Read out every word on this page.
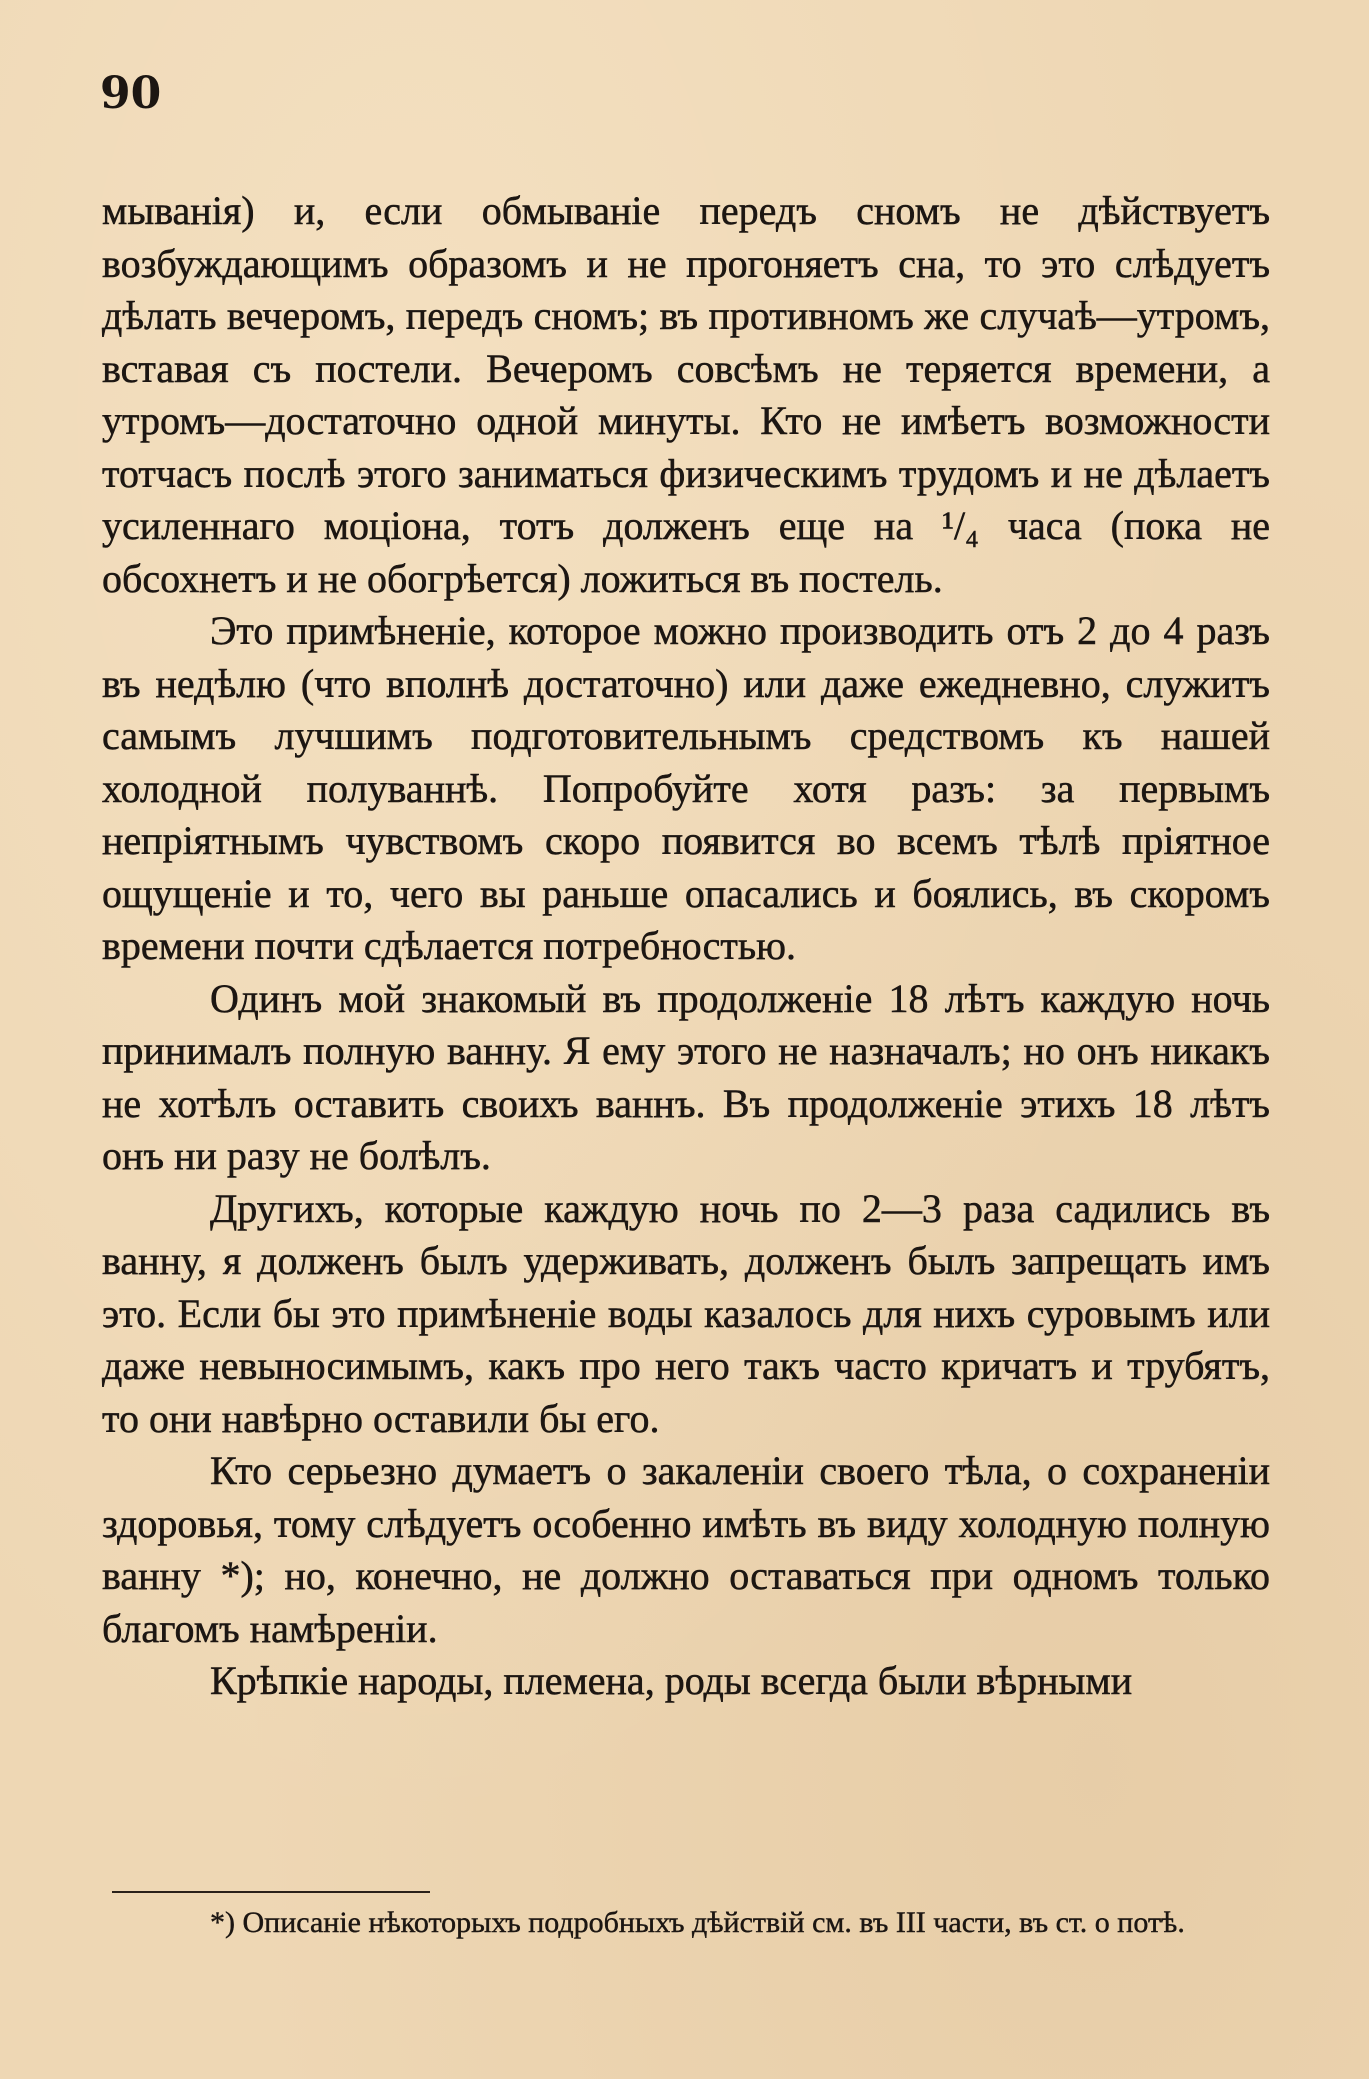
90

мыванія) и, если обмываніе передъ сномъ не дѣйствуетъ возбуждающимъ образомъ и не прогоняетъ сна, то это слѣдуетъ дѣлать вечеромъ, передъ сномъ; въ противномъ же случаѣ—утромъ, вставая съ постели. Вечеромъ совсѣмъ не теряется времени, а утромъ—достаточно одной минуты. Кто не имѣетъ возможности тотчасъ послѣ этого заниматься физическимъ трудомъ и не дѣлаетъ усиленнаго моціона, тотъ долженъ еще на ¹/₄ часа (пока не обсохнетъ и не обогрѣется) ложиться въ постель.

Это примѣненіе, которое можно производить отъ 2 до 4 разъ въ недѣлю (что вполнѣ достаточно) или даже ежедневно, служитъ самымъ лучшимъ подготовительнымъ средствомъ къ нашей холодной полуваннѣ. Попробуйте хотя разъ: за первымъ непріятнымъ чувствомъ скоро появится во всемъ тѣлѣ пріятное ощущеніе и то, чего вы раньше опасались и боялись, въ скоромъ времени почти сдѣлается потребностью.

Одинъ мой знакомый въ продолженіе 18 лѣтъ каждую ночь принималъ полную ванну. Я ему этого не назначалъ; но онъ никакъ не хотѣлъ оставить своихъ ваннъ. Въ продолженіе этихъ 18 лѣтъ онъ ни разу не болѣлъ.

Другихъ, которые каждую ночь по 2—3 раза садились въ ванну, я долженъ былъ удерживать, долженъ былъ запрещать имъ это. Если бы это примѣненіе воды казалось для нихъ суровымъ или даже невыносимымъ, какъ про него такъ часто кричатъ и трубятъ, то они навѣрно оставили бы его.

Кто серьезно думаетъ о закаленіи своего тѣла, о сохраненіи здоровья, тому слѣдуетъ особенно имѣть въ виду холодную полную ванну *); но, конечно, не должно оставаться при одномъ только благомъ намѣреніи.

Крѣпкіе народы, племена, роды всегда были вѣрными

*) Описаніе нѣкоторыхъ подробныхъ дѣйствій см. въ III части, въ ст. о потѣ.
